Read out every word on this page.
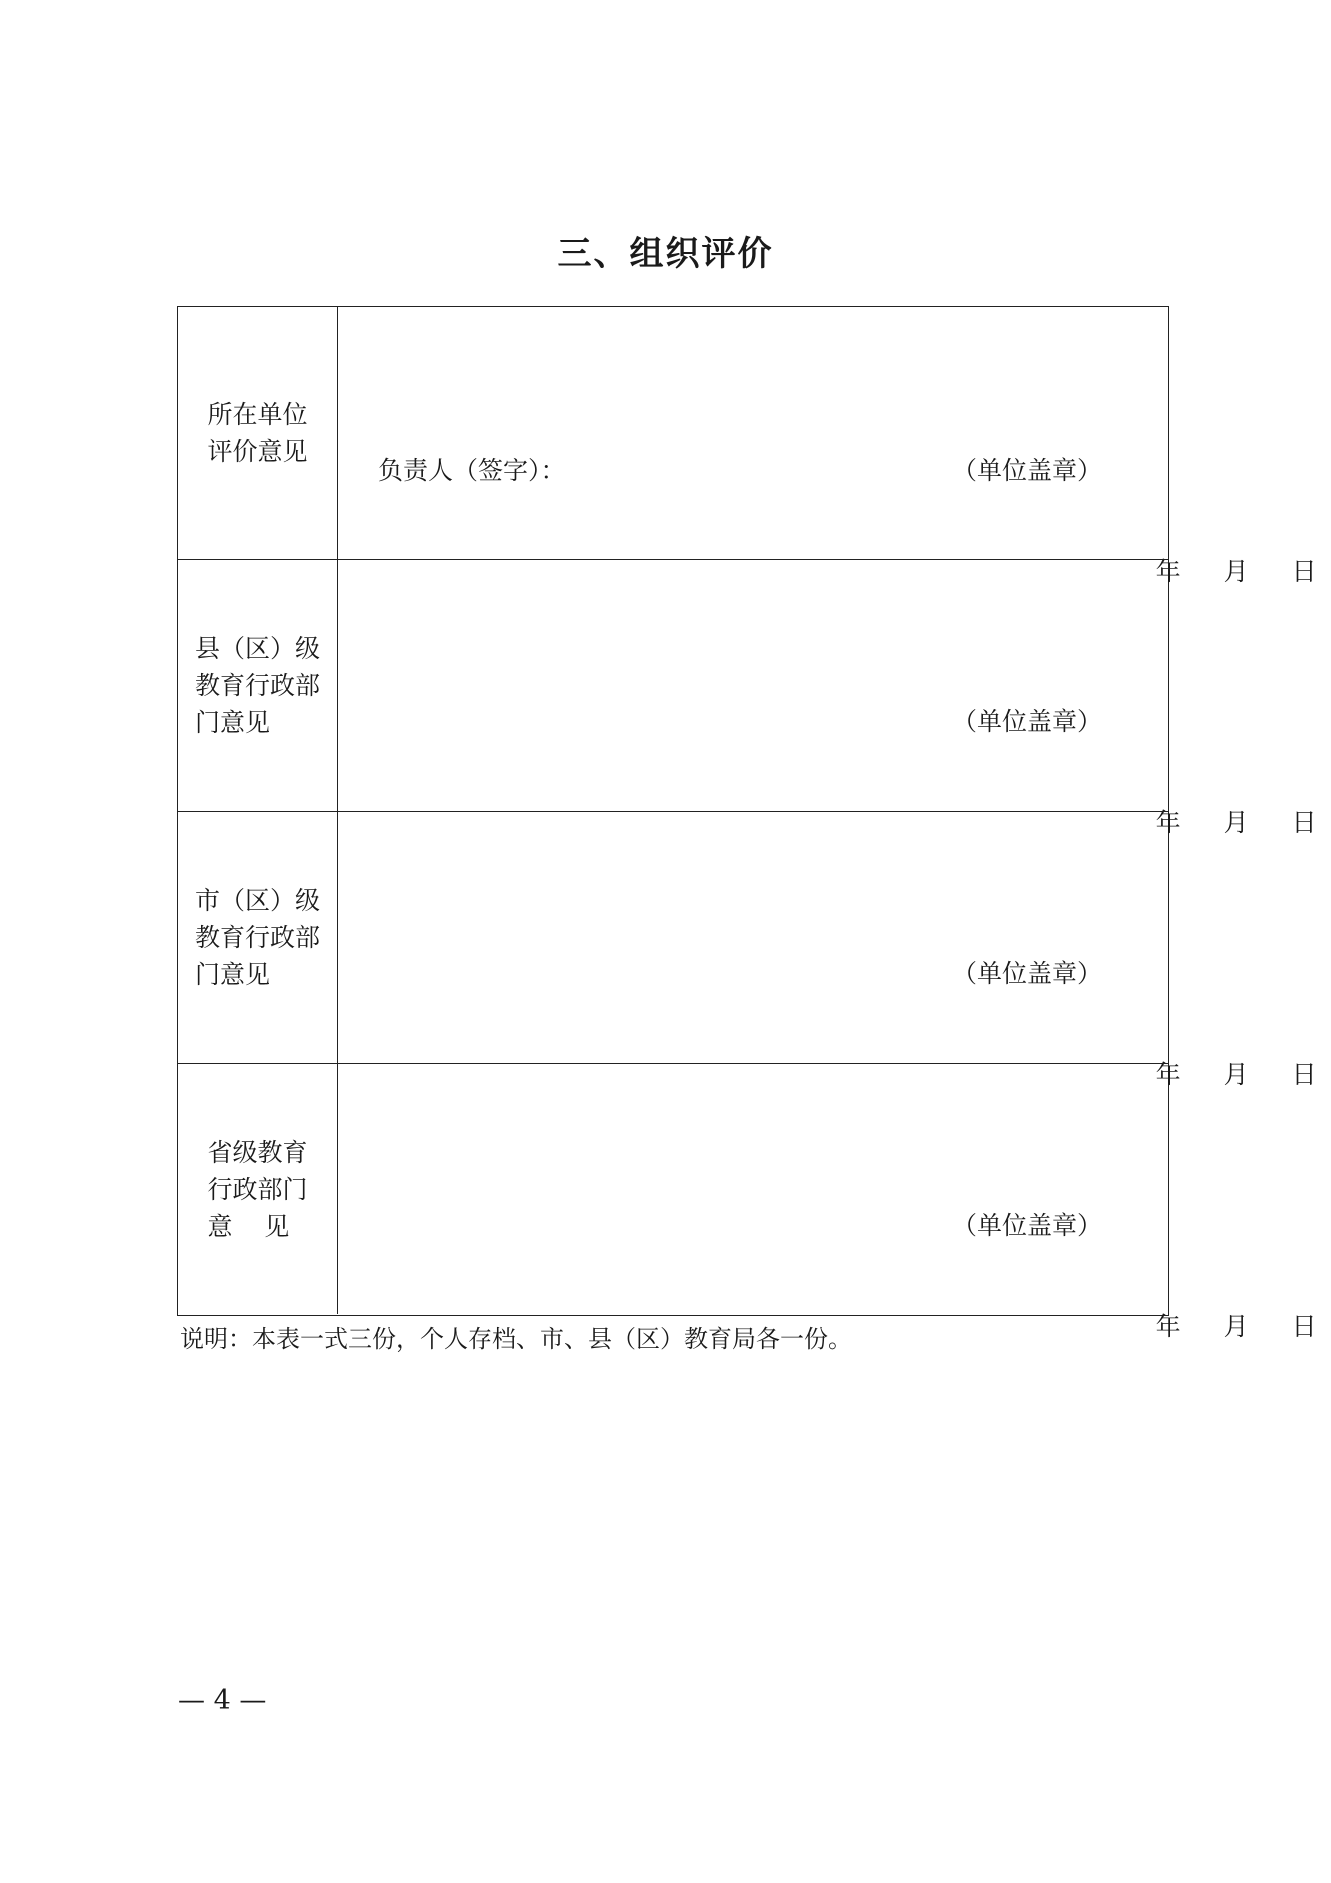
三、组织评价
所在单位
评价意见
负责人（签字）：	（单位盖章）

年 月 日

县（区）级
教育行政部
门意见	（单位盖章）

年 月 日

市（区）级
教育行政部
门意见	（单位盖章）

年 月 日

省级教育
行政部门
意    见	（单位盖章）

年 月 日

说明：本表一式三份，个人存档、市、县（区）教育局各一份。
— 4 —
